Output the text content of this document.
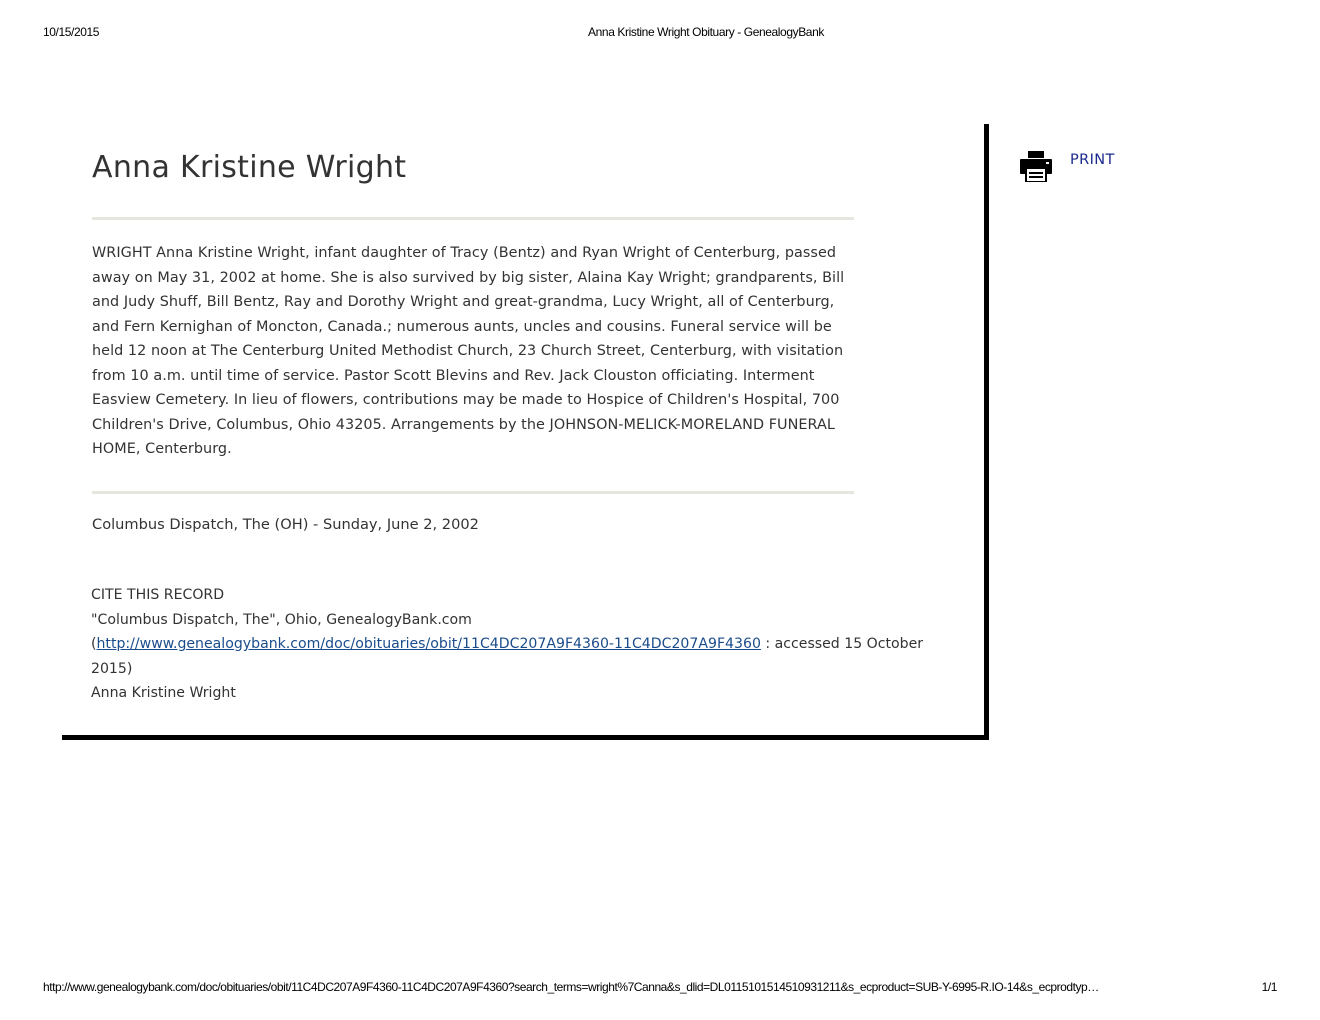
10/15/2015	Anna Kristine Wright Obituary - GenealogyBank
Anna Kristine Wright

WRIGHT Anna Kristine Wright, infant daughter of Tracy (Bentz) and Ryan Wright of Centerburg, passed away on May 31, 2002 at home. She is also survived by big sister, Alaina Kay Wright; grandparents, Bill and Judy Shuff, Bill Bentz, Ray and Dorothy Wright and great-grandma, Lucy Wright, all of Centerburg, and Fern Kernighan of Moncton, Canada.; numerous aunts, uncles and cousins. Funeral service will be held 12 noon at The Centerburg United Methodist Church, 23 Church Street, Centerburg, with visitation from 10 a.m. until time of service. Pastor Scott Blevins and Rev. Jack Clouston officiating. Interment Easview Cemetery. In lieu of flowers, contributions may be made to Hospice of Children's Hospital, 700 Children's Drive, Columbus, Ohio 43205. Arrangements by the JOHNSON-MELICK-MORELAND FUNERAL HOME, Centerburg.

Columbus Dispatch, The (OH) - Sunday, June 2, 2002

CITE THIS RECORD
"Columbus Dispatch, The", Ohio, GenealogyBank.com
(http://www.genealogybank.com/doc/obituaries/obit/11C4DC207A9F4360-11C4DC207A9F4360 : accessed 15 October 2015)
Anna Kristine Wright
PRINT
http://www.genealogybank.com/doc/obituaries/obit/11C4DC207A9F4360-11C4DC207A9F4360?search_terms=wright%7Canna&s_dlid=DL0115101514510931211&s_ecproduct=SUB-Y-6995-R.IO-14&s_ecprodtyp…	1/1
